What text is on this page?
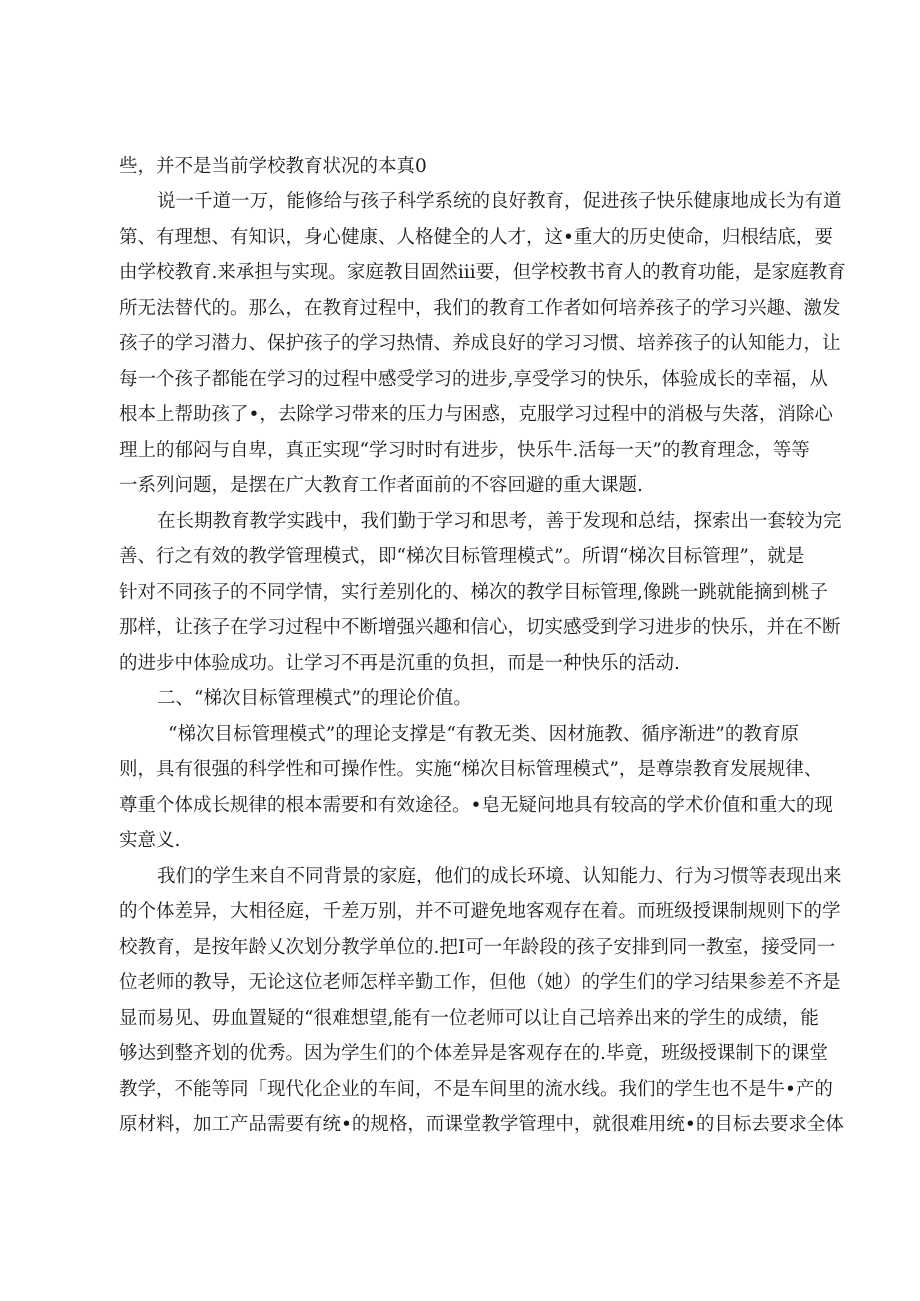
些，并不是当前学校教育状况的本真0
说一千道一万，能修给与孩子科学系统的良好教育，促进孩子快乐健康地成长为有道
第、有理想、有知识，身心健康、人格健全的人才，这•重大的历史使命，归根结底，要
由学校教育.来承担与实现。家庭教目固然ііі要，但学校教书育人的教育功能，是家庭教育
所无法替代的。那么，在教育过程中，我们的教育工作者如何培养孩子的学习兴趣、激发
孩子的学习潜力、保护孩子的学习热情、养成良好的学习习惯、培养孩子的认知能力，让
每一个孩子都能在学习的过程中感受学习的进步,享受学习的快乐，体验成长的幸福，从
根本上帮助孩了•，去除学习带来的压力与困惑，克服学习过程中的消极与失落，消除心
理上的郁闷与自卑，真正实现“学习时时有进步，快乐牛.活每一天”的教育理念，等等
一系列问题，是摆在广大教育工作者面前的不容回避的重大课题.
在长期教育教学实践中，我们勤于学习和思考，善于发现和总结，探索出一套较为完
善、行之有效的教学管理模式，即“梯次目标管理模式”。所谓“梯次目标管理”，就是
针对不同孩子的不同学情，实行差别化的、梯次的教学目标管理,像跳一跳就能摘到桃子
那样，让孩子在学习过程中不断增强兴趣和信心，切实感受到学习进步的快乐，并在不断
的进步中体验成功。让学习不再是沉重的负担，而是一种快乐的活动.
二、“梯次目标管理模式”的理论价值。
“梯次目标管理模式”的理论支撑是“有教无类、因材施教、循序渐进”的教育原
则，具有很强的科学性和可操作性。实施“梯次目标管理模式”，是尊崇教育发展规律、
尊重个体成长规律的根本需要和有效途径。•皂无疑问地具有较高的学术价值和重大的现
实意义.
我们的学生来自不同背景的家庭，他们的成长环境、认知能力、行为习惯等表现出来
的个体差异，大相径庭，千差万别，并不可避免地客观存在着。而班级授课制规则下的学
校教育，是按年龄乂次划分教学单位的.把I可一年龄段的孩子安排到同一教室，接受同一
位老师的教导，无论这位老师怎样辛勤工作，但他（她）的学生们的学习结果参差不齐是
显而易见、毋血置疑的“很难想望,能有一位老师可以让自己培养出来的学生的成绩，能
够达到整齐划的优秀。因为学生们的个体差异是客观存在的.毕竟，班级授课制下的课堂
教学，不能等同「现代化企业的车间，不是车间里的流水线。我们的学生也不是牛•产的
原材料，加工产品需要有统•的规格，而课堂教学管理中，就很难用统•的目标去要求全体
